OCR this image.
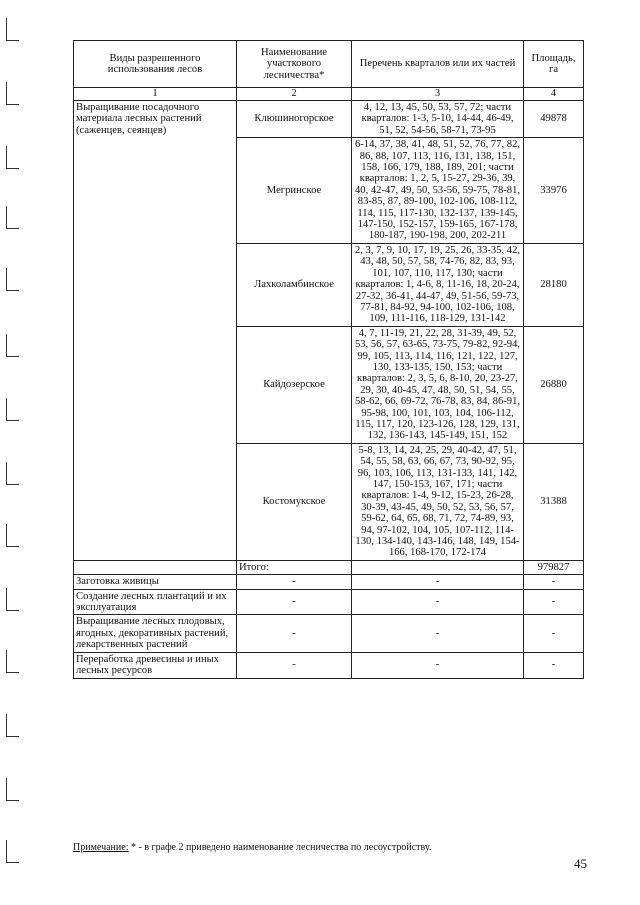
Виды разрешенного использования лесов	Наименование участкового лесничества*	Перечень кварталов или их частей	Площадь, га
1	2	3	4
Выращивание посадочного материала лесных растений (саженцев, сеянцев)	Клюшиногорское	4, 12, 13, 45, 50, 53, 57, 72; части кварталов: 1-3, 5-10, 14-44, 46-49, 51, 52, 54-56, 58-71, 73-95	49878
	Мегринское	6-14, 37, 38, 41, 48, 51, 52, 76, 77, 82, 86, 88, 107, 113, 116, 131, 138, 151, 158, 166, 179, 188, 189, 201; части кварталов: 1, 2, 5, 15-27, 29-36, 39, 40, 42-47, 49, 50, 53-56, 59-75, 78-81, 83-85, 87, 89-100, 102-106, 108-112, 114, 115, 117-130, 132-137, 139-145, 147-150, 152-157, 159-165, 167-178, 180-187, 190-198, 200, 202-211	33976
	Лахколамбинское	2, 3, 7, 9, 10, 17, 19, 25, 26, 33-35, 42, 43, 48, 50, 57, 58, 74-76, 82, 83, 93, 101, 107, 110, 117, 130; части кварталов: 1, 4-6, 8, 11-16, 18, 20-24, 27-32, 36-41, 44-47, 49, 51-56, 59-73, 77-81, 84-92, 94-100, 102-106, 108, 109, 111-116, 118-129, 131-142	28180
	Кайдозерское	4, 7, 11-19, 21, 22, 28, 31-39, 49, 52, 53, 56, 57, 63-65, 73-75, 79-82, 92-94, 99, 105, 113, 114, 116, 121, 122, 127, 130, 133-135, 150, 153; части кварталов: 2, 3, 5, 6, 8-10, 20, 23-27, 29, 30, 40-45, 47, 48, 50, 51, 54, 55, 58-62, 66, 69-72, 76-78, 83, 84, 86-91, 95-98, 100, 101, 103, 104, 106-112, 115, 117, 120, 123-126, 128, 129, 131, 132, 136-143, 145-149, 151, 152	26880
	Костомукское	5-8, 13, 14, 24, 25, 29, 40-42, 47, 51, 54, 55, 58, 63, 66, 67, 73, 90-92, 95, 96, 103, 106, 113, 131-133, 141, 142, 147, 150-153, 167, 171; части кварталов: 1-4, 9-12, 15-23, 26-28, 30-39, 43-45, 49, 50, 52, 53, 56, 57, 59-62, 64, 65, 68, 71, 72, 74-89, 93, 94, 97-102, 104, 105, 107-112, 114-130, 134-140, 143-146, 148, 149, 154-166, 168-170, 172-174	31388
	Итого:		979827
Заготовка живицы	-	-	-
Создание лесных плантаций и их эксплуатация	-	-	-
Выращивание лесных плодовых, ягодных, декоративных растений, лекарственных растений	-	-	-
Переработка древесины и иных лесных ресурсов	-	-	-
Примечание: * - в графе 2 приведено наименование лесничества по лесоустройству.
45
